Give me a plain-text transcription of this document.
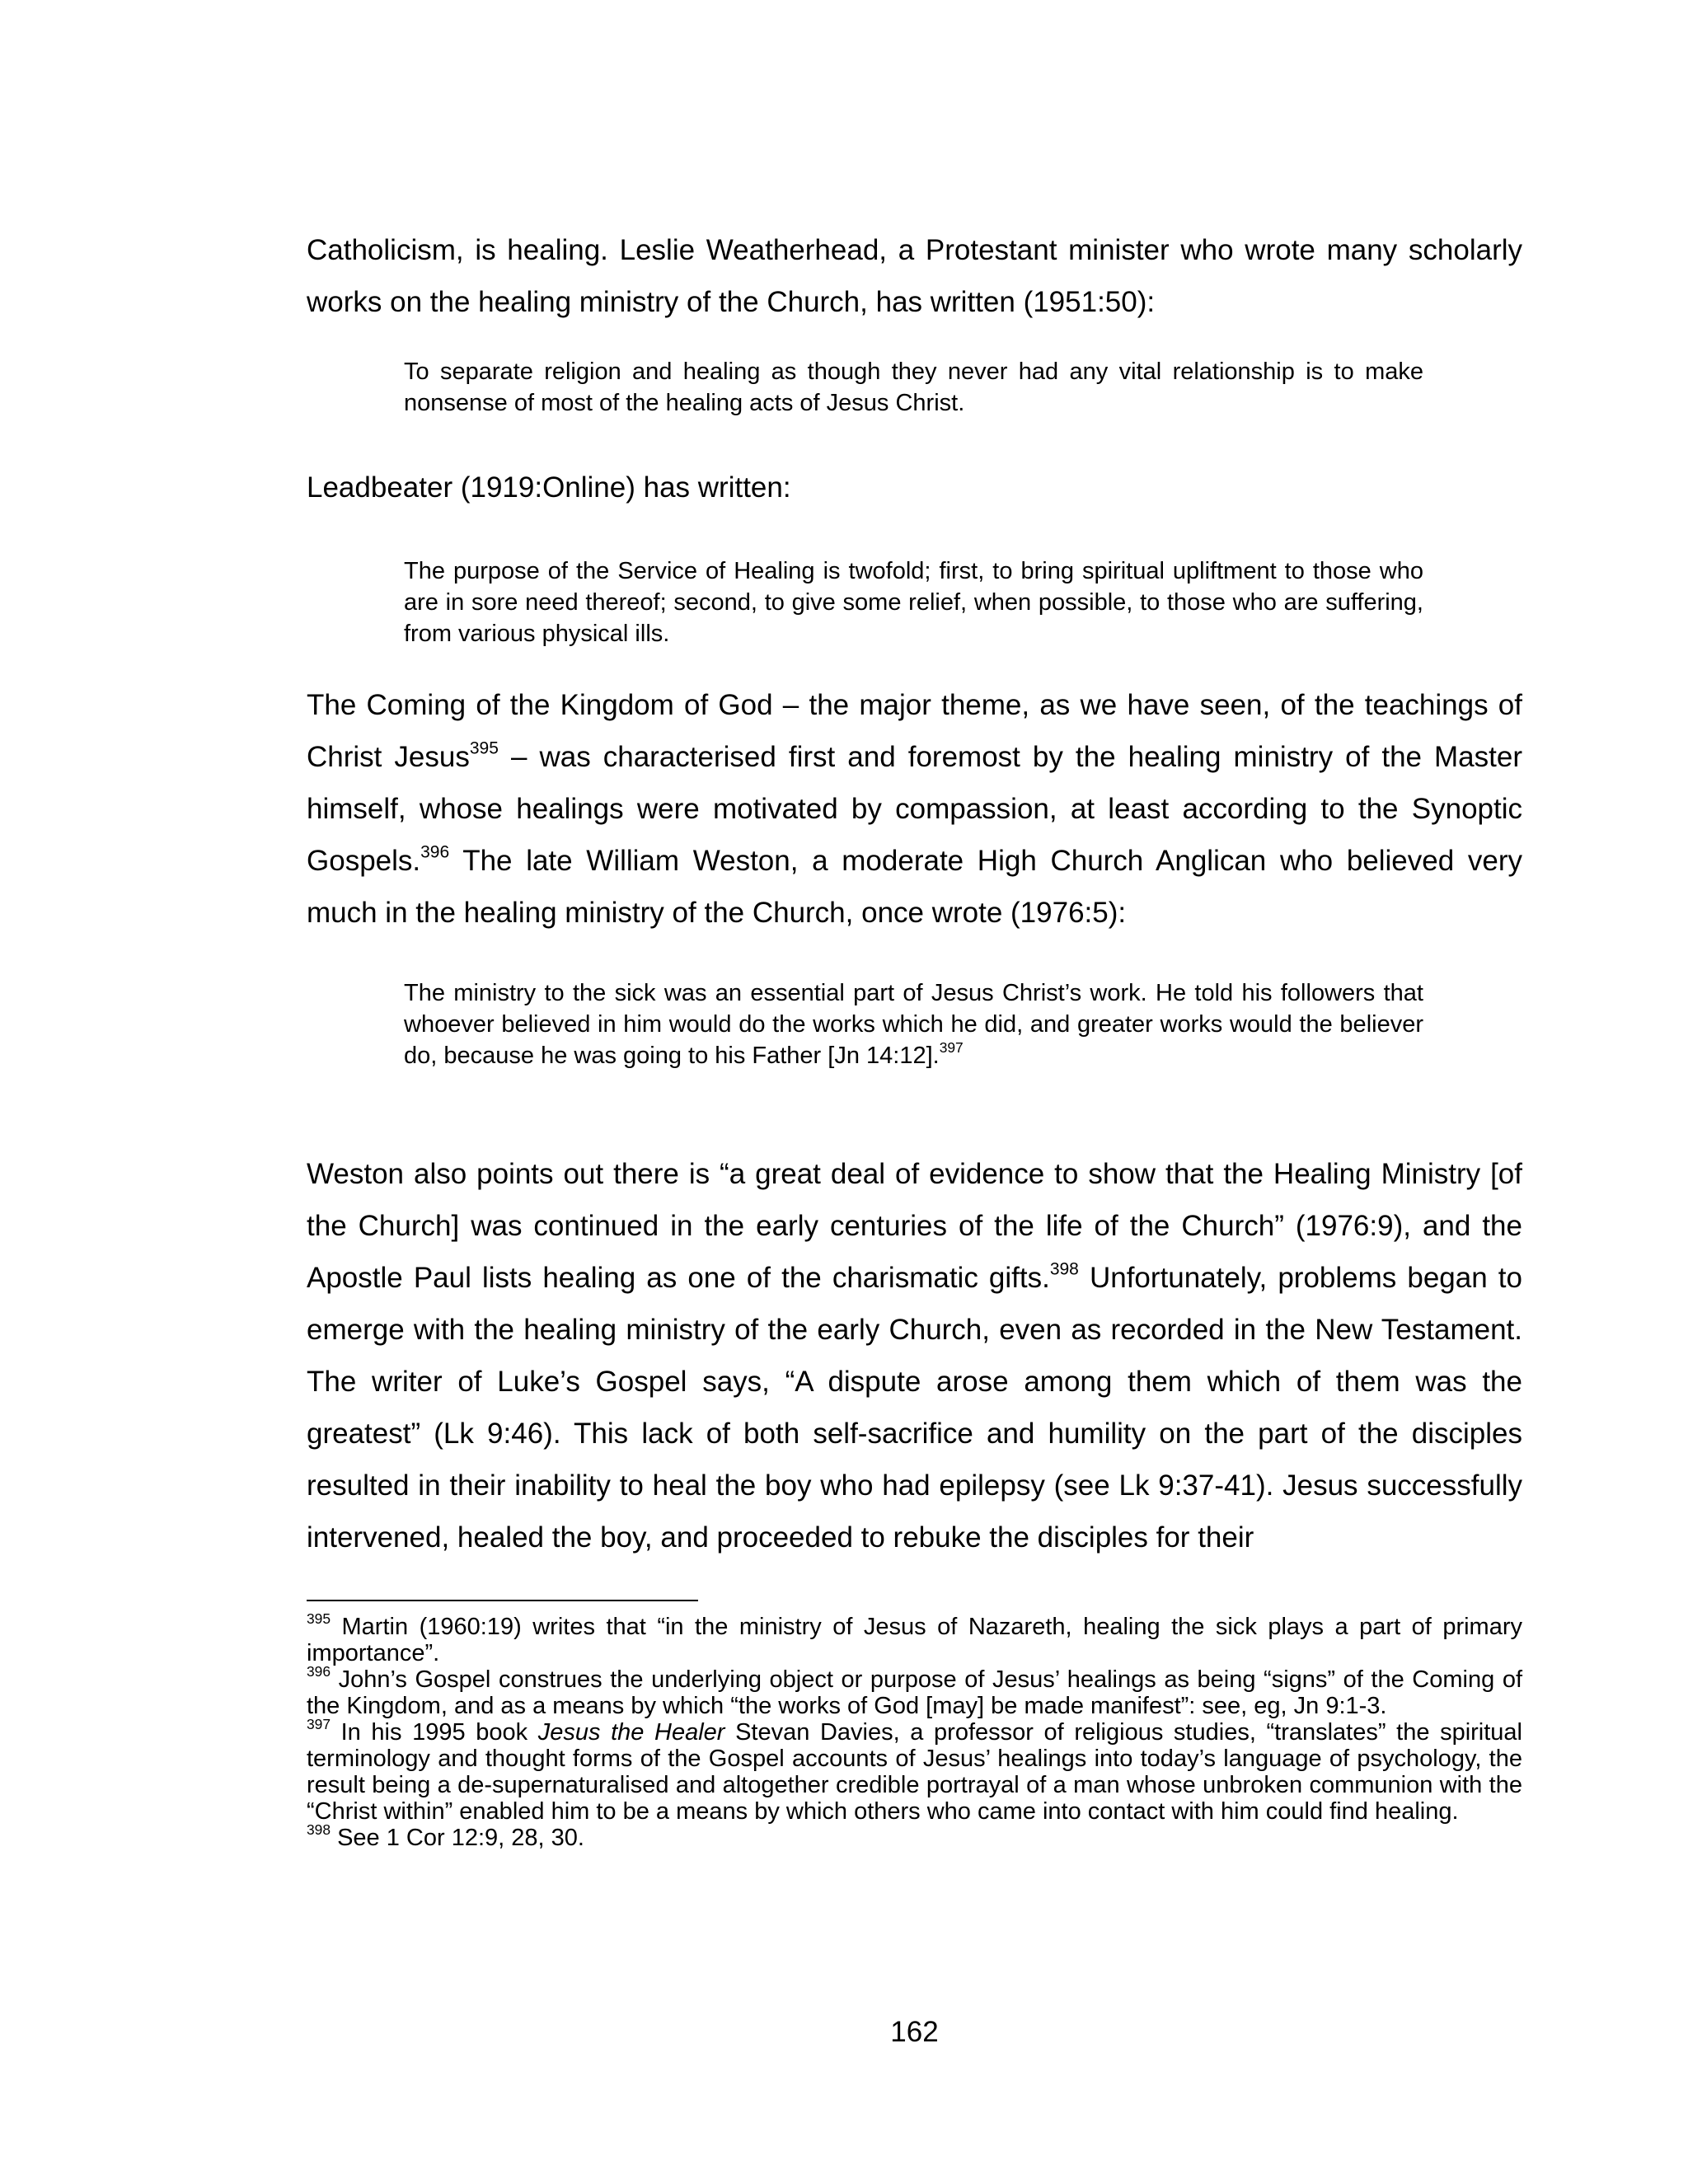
Catholicism, is healing. Leslie Weatherhead, a Protestant minister who wrote many scholarly works on the healing ministry of the Church, has written (1951:50):

To separate religion and healing as though they never had any vital relationship is to make nonsense of most of the healing acts of Jesus Christ.

Leadbeater (1919:Online) has written:

The purpose of the Service of Healing is twofold; first, to bring spiritual upliftment to those who are in sore need thereof; second, to give some relief, when possible, to those who are suffering, from various physical ills.

The Coming of the Kingdom of God – the major theme, as we have seen, of the teachings of Christ Jesus$^{395}$ – was characterised first and foremost by the healing ministry of the Master himself, whose healings were motivated by compassion, at least according to the Synoptic Gospels.$^{396}$ The late William Weston, a moderate High Church Anglican who believed very much in the healing ministry of the Church, once wrote (1976:5):

The ministry to the sick was an essential part of Jesus Christ’s work. He told his followers that whoever believed in him would do the works which he did, and greater works would the believer do, because he was going to his Father [Jn 14:12].$^{397}$

Weston also points out there is “a great deal of evidence to show that the Healing Ministry [of the Church] was continued in the early centuries of the life of the Church” (1976:9), and the Apostle Paul lists healing as one of the charismatic gifts.$^{398}$ Unfortunately, problems began to emerge with the healing ministry of the early Church, even as recorded in the New Testament. The writer of Luke’s Gospel says, “A dispute arose among them which of them was the greatest” (Lk 9:46). This lack of both self-sacrifice and humility on the part of the disciples resulted in their inability to heal the boy who had epilepsy (see Lk 9:37-41). Jesus successfully intervened, healed the boy, and proceeded to rebuke the disciples for their

$^{395}$ Martin (1960:19) writes that “in the ministry of Jesus of Nazareth, healing the sick plays a part of primary importance”.

$^{396}$ John’s Gospel construes the underlying object or purpose of Jesus’ healings as being “signs” of the Coming of the Kingdom, and as a means by which “the works of God [may] be made manifest”: see, eg, Jn 9:1-3.

$^{397}$ In his 1995 book Jesus the Healer Stevan Davies, a professor of religious studies, “translates” the spiritual terminology and thought forms of the Gospel accounts of Jesus’ healings into today’s language of psychology, the result being a de-supernaturalised and altogether credible portrayal of a man whose unbroken communion with the “Christ within” enabled him to be a means by which others who came into contact with him could find healing.

$^{398}$ See 1 Cor 12:9, 28, 30.

162
